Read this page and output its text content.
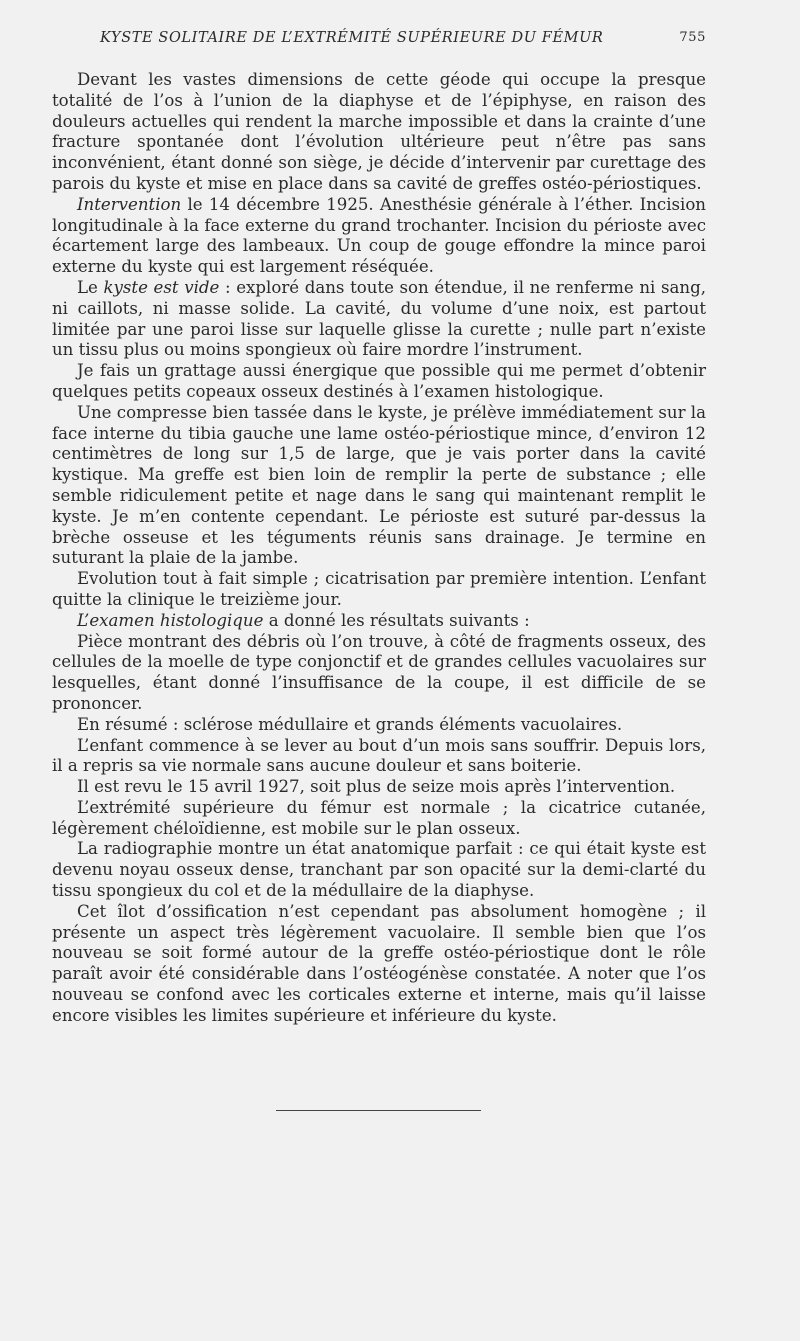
KYSTE SOLITAIRE DE L’EXTRÉMITÉ SUPÉRIEURE DU FÉMUR	755

Devant les vastes dimensions de cette géode qui occupe la presque totalité de l’os à l’union de la diaphyse et de l’épiphyse, en raison des douleurs actuelles qui rendent la marche impossible et dans la crainte d’une fracture spontanée dont l’évolution ultérieure peut n’être pas sans inconvénient, étant donné son siège, je décide d’intervenir par curettage des parois du kyste et mise en place dans sa cavité de greffes ostéo-périostiques.

Intervention le 14 décembre 1925. Anesthésie générale à l’éther. Incision longitudinale à la face externe du grand trochanter. Incision du périoste avec écartement large des lambeaux. Un coup de gouge effondre la mince paroi externe du kyste qui est largement réséquée.

Le kyste est vide : exploré dans toute son étendue, il ne renferme ni sang, ni caillots, ni masse solide. La cavité, du volume d’une noix, est partout limitée par une paroi lisse sur laquelle glisse la curette ; nulle part n’existe un tissu plus ou moins spongieux où faire mordre l’instrument.

Je fais un grattage aussi énergique que possible qui me permet d’obtenir quelques petits copeaux osseux destinés à l’examen histologique.

Une compresse bien tassée dans le kyste, je prélève immédiatement sur la face interne du tibia gauche une lame ostéo-périostique mince, d’environ 12 centimètres de long sur 1,5 de large, que je vais porter dans la cavité kystique. Ma greffe est bien loin de remplir la perte de substance ; elle semble ridiculement petite et nage dans le sang qui maintenant remplit le kyste. Je m’en contente cependant. Le périoste est suturé par-dessus la brèche osseuse et les téguments réunis sans drainage. Je termine en suturant la plaie de la jambe.

Evolution tout à fait simple ; cicatrisation par première intention. L’enfant quitte la clinique le treizième jour.

L’examen histologique a donné les résultats suivants :

Pièce montrant des débris où l’on trouve, à côté de fragments osseux, des cellules de la moelle de type conjonctif et de grandes cellules vacuolaires sur lesquelles, étant donné l’insuffisance de la coupe, il est difficile de se prononcer.

En résumé : sclérose médullaire et grands éléments vacuolaires.

L’enfant commence à se lever au bout d’un mois sans souffrir. Depuis lors, il a repris sa vie normale sans aucune douleur et sans boiterie.

Il est revu le 15 avril 1927, soit plus de seize mois après l’intervention.

L’extrémité supérieure du fémur est normale ; la cicatrice cutanée, légèrement chéloïdienne, est mobile sur le plan osseux.

La radiographie montre un état anatomique parfait : ce qui était kyste est devenu noyau osseux dense, tranchant par son opacité sur la demi-clarté du tissu spongieux du col et de la médullaire de la diaphyse.

Cet îlot d’ossification n’est cependant pas absolument homogène ; il présente un aspect très légèrement vacuolaire. Il semble bien que l’os nouveau se soit formé autour de la greffe ostéo-périostique dont le rôle paraît avoir été considérable dans l’ostéogénèse constatée. A noter que l’os nouveau se confond avec les corticales externe et interne, mais qu’il laisse encore visibles les limites supérieure et inférieure du kyste.
